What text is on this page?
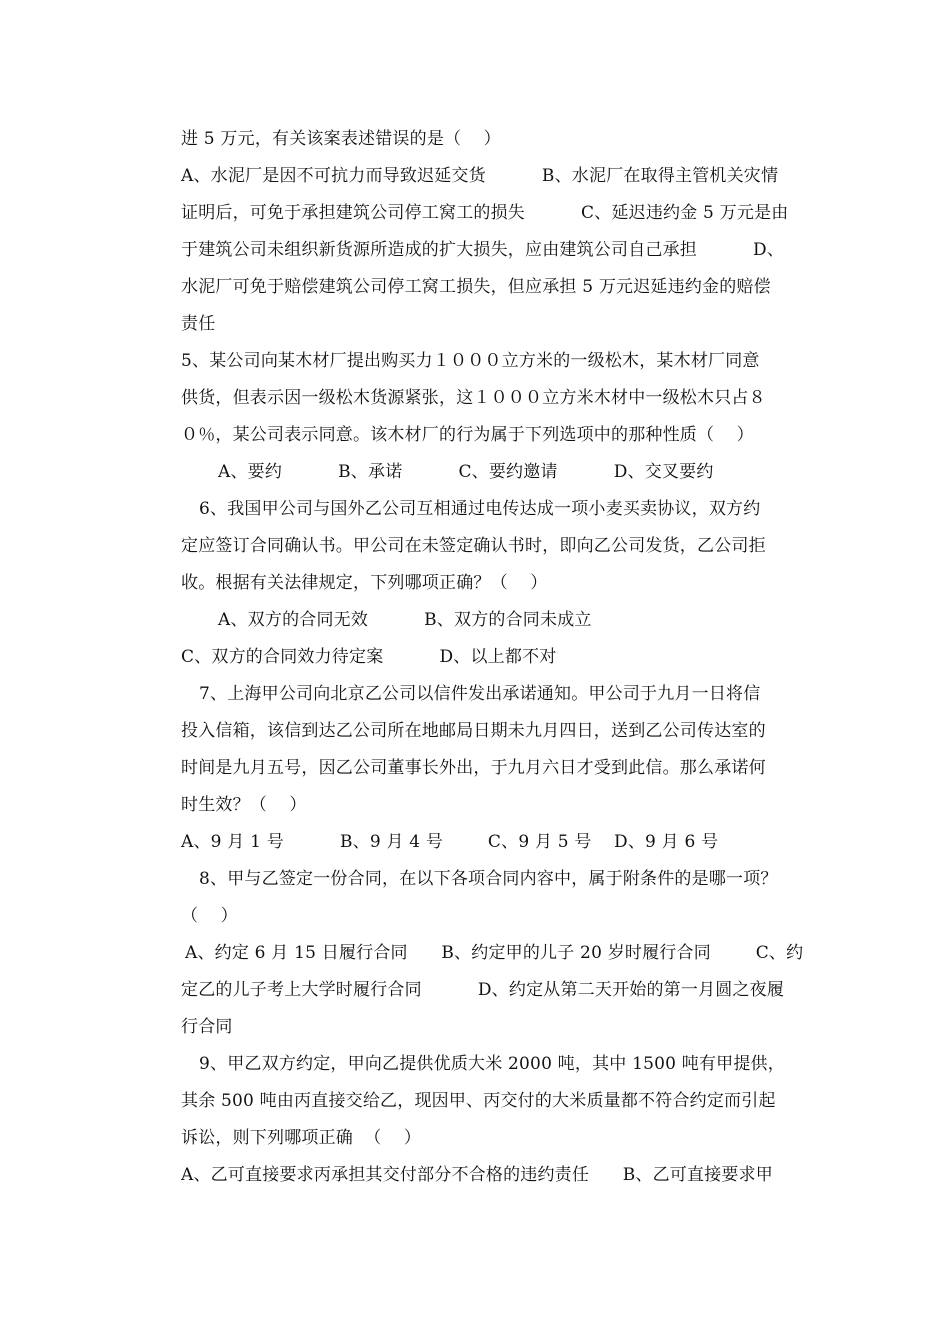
进 5 万元，有关该案表述错误的是（    ）
A、水泥厂是因不可抗力而导致迟延交货          B、水泥厂在取得主管机关灾情
证明后，可免于承担建筑公司停工窝工的损失          C、延迟违约金 5 万元是由
于建筑公司未组织新货源所造成的扩大损失，应由建筑公司自己承担          D、
水泥厂可免于赔偿建筑公司停工窝工损失，但应承担 5 万元迟延违约金的赔偿
责任
5、某公司向某木材厂提出购买力１０００立方米的一级松木，某木材厂同意
供货，但表示因一级松木货源紧张，这１０００立方米木材中一级松木只占８
０％，某公司表示同意。该木材厂的行为属于下列选项中的那种性质（    ）
A、要约          B、承诺          C、要约邀请          D、交叉要约
6、我国甲公司与国外乙公司互相通过电传达成一项小麦买卖协议，双方约
定应签订合同确认书。甲公司在未签定确认书时，即向乙公司发货，乙公司拒
收。根据有关法律规定，下列哪项正确？（    ）
A、双方的合同无效          B、双方的合同未成立
C、双方的合同效力待定案          D、以上都不对
7、上海甲公司向北京乙公司以信件发出承诺通知。甲公司于九月一日将信
投入信箱，该信到达乙公司所在地邮局日期未九月四日，送到乙公司传达室的
时间是九月五号，因乙公司董事长外出，于九月六日才受到此信。那么承诺何
时生效？（    ）
A、9 月 1 号          B、9 月 4 号        C、9 月 5 号    D、9 月 6 号
8、甲与乙签定一份合同，在以下各项合同内容中，属于附条件的是哪一项？
（    ）
A、约定 6 月 15 日履行合同      B、约定甲的儿子 20 岁时履行合同        C、约
定乙的儿子考上大学时履行合同          D、约定从第二天开始的第一月圆之夜履
行合同
9、甲乙双方约定，甲向乙提供优质大米 2000 吨，其中 1500 吨有甲提供，
其余 500 吨由丙直接交给乙，现因甲、丙交付的大米质量都不符合约定而引起
诉讼，则下列哪项正确  （    ）
A、乙可直接要求丙承担其交付部分不合格的违约责任      B、乙可直接要求甲
